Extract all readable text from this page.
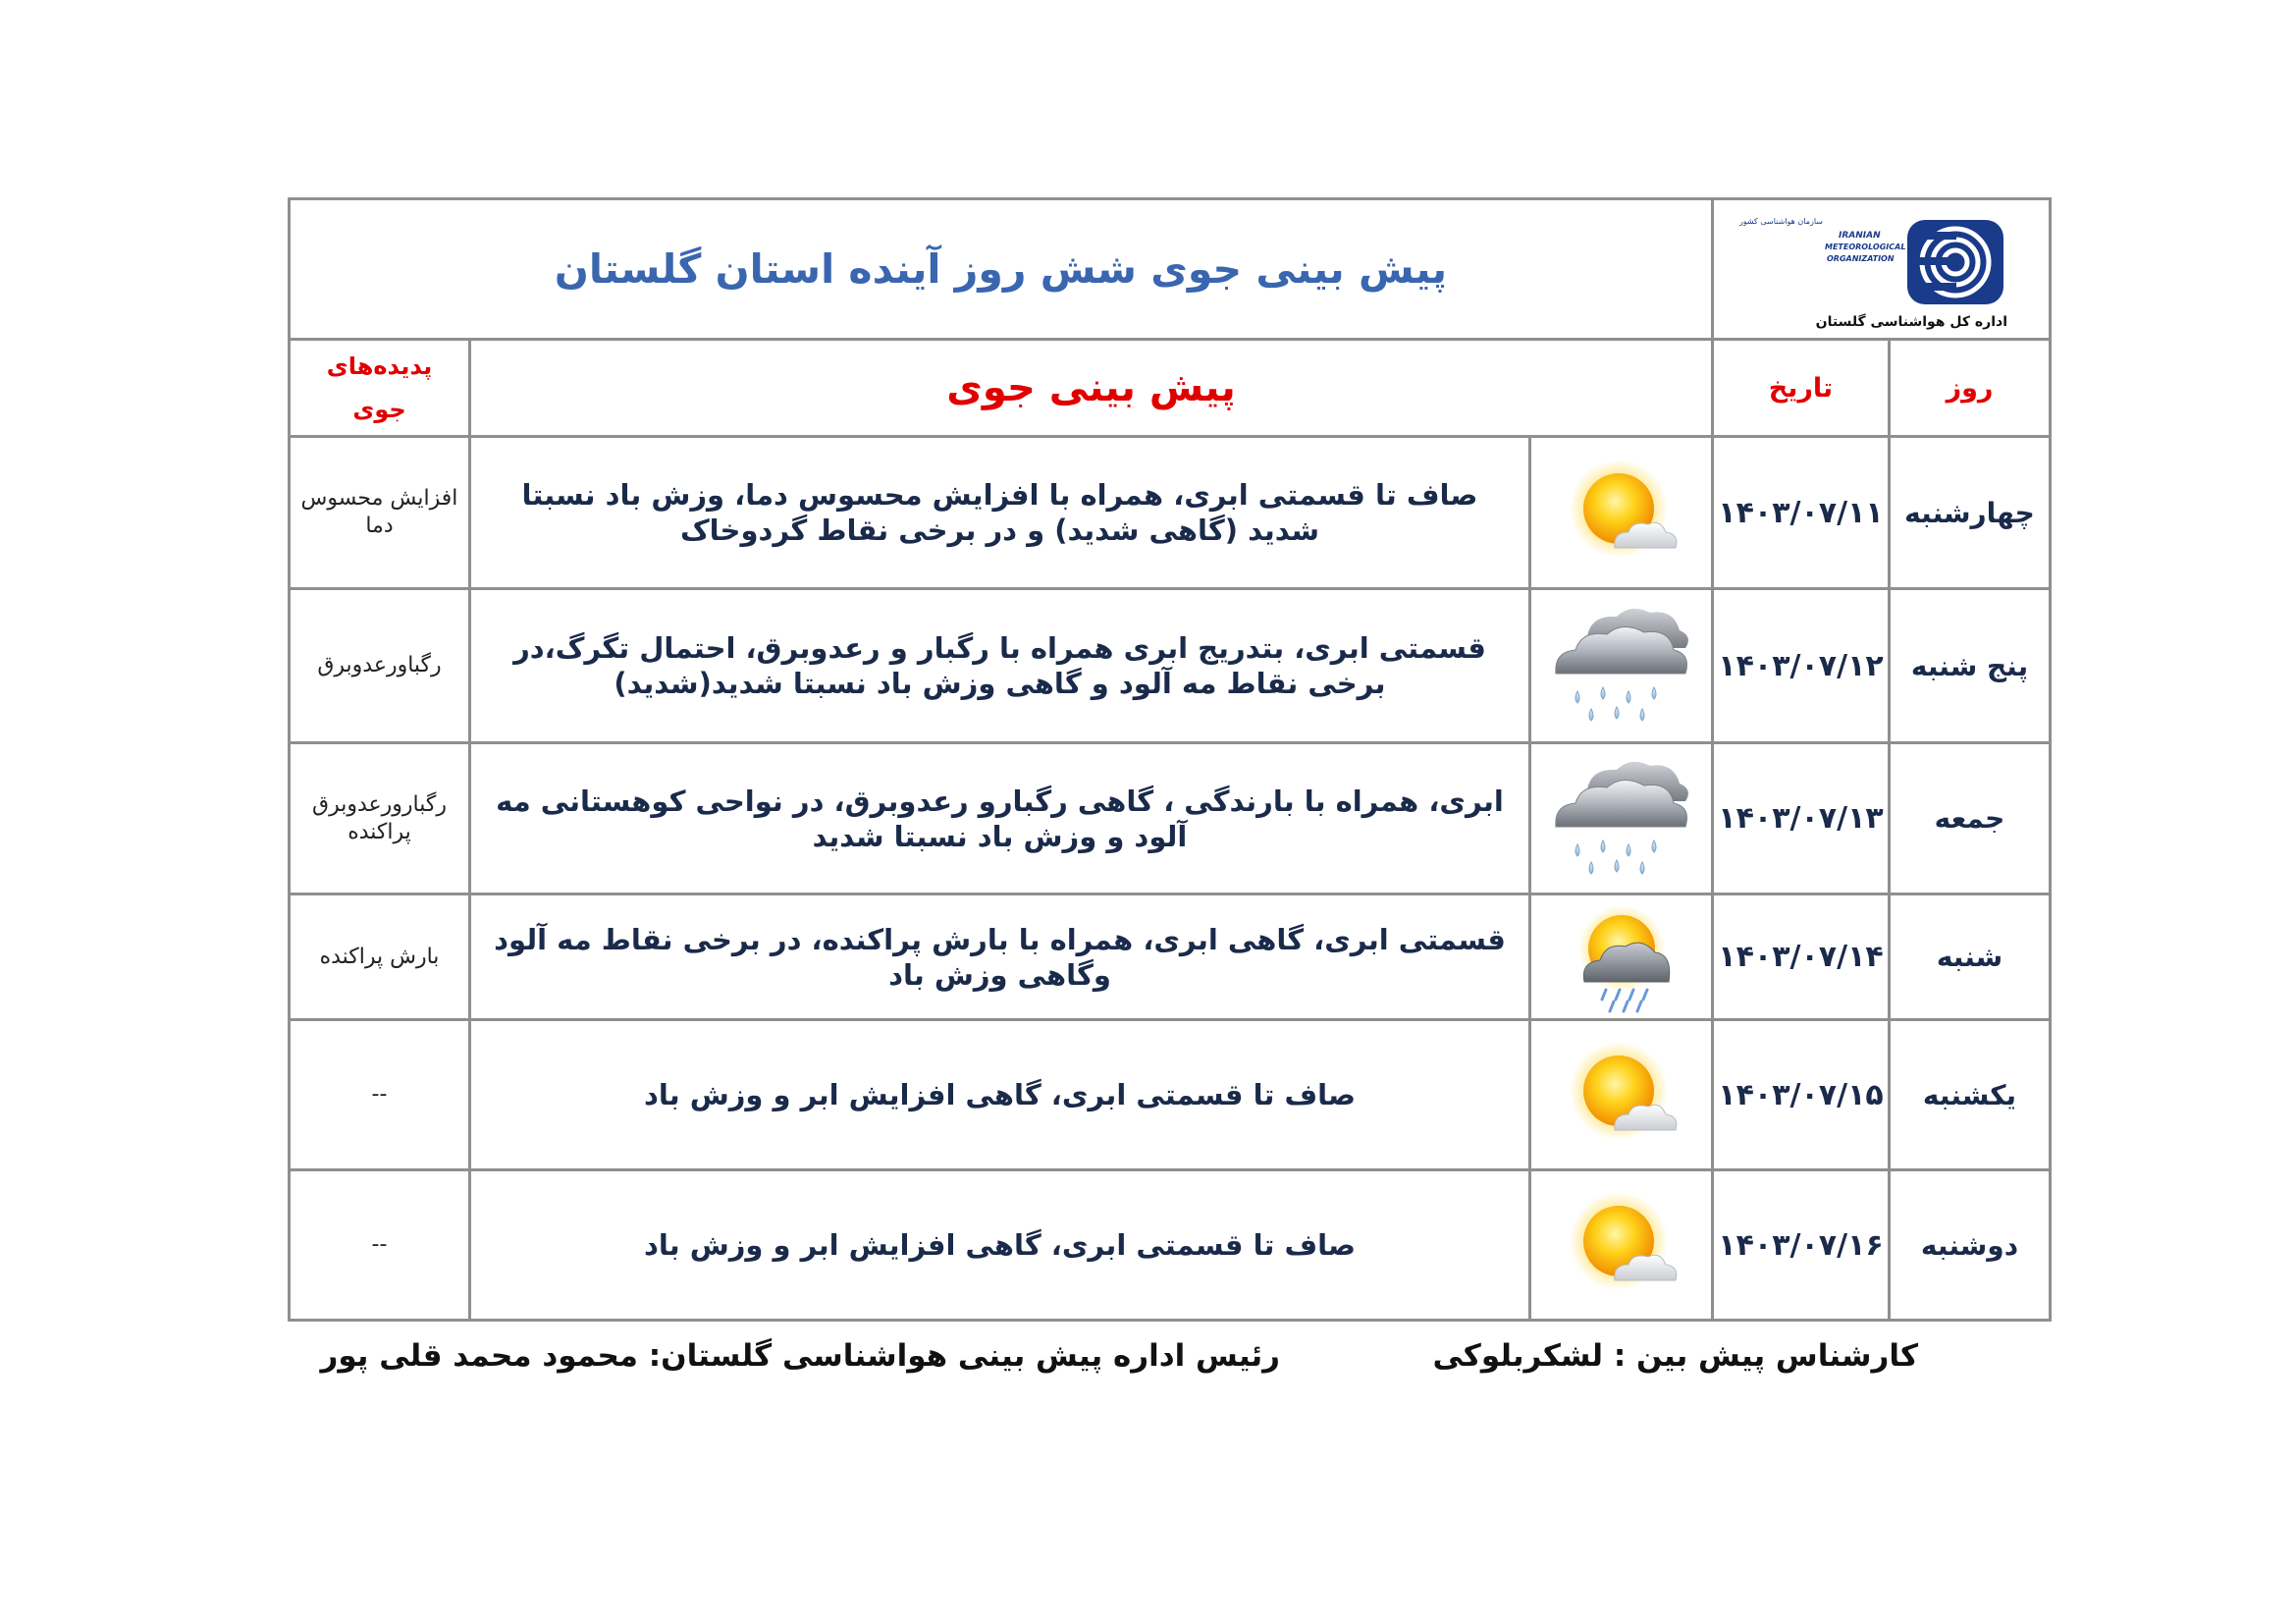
پیش بینی جوی شش روز آینده استان گلستان			سازمان هواشناسی کشور
IRANIAN
METEOROLOGICAL
ORGANIZATION
اداره کل هواشناسی گلستان	

پدیده‌های
جوی	پیش بینی جوی		تاریخ	روز
افزایش محسوس دما	صاف تا قسمتی ابری، همراه با افزایش محسوس دما، وزش باد نسبتا شدید (گاهی شدید) و در برخی نقاط گردوخاک		۱۴۰۳/۰۷/۱۱	چهارشنبه
رگباورعدوبرق	قسمتی ابری، بتدریج ابری همراه با رگبار و رعدوبرق، احتمال تگرگ،در برخی نقاط مه آلود و گاهی وزش باد نسبتا شدید(شدید)		۱۴۰۳/۰۷/۱۲	پنج شنبه
رگبارورعدوبرق پراکنده	ابری، همراه با بارندگی ، گاهی رگبارو رعدوبرق، در نواحی کوهستانی مه آلود و وزش باد نسبتا شدید		۱۴۰۳/۰۷/۱۳	جمعه
بارش پراکنده	قسمتی ابری، گاهی ابری، همراه با بارش پراکنده، در برخی نقاط مه آلود وگاهی وزش باد		۱۴۰۳/۰۷/۱۴	شنبه
--	صاف تا قسمتی ابری، گاهی افزایش ابر و وزش باد		۱۴۰۳/۰۷/۱۵	یکشنبه
--	صاف تا قسمتی ابری، گاهی افزایش ابر و وزش باد		۱۴۰۳/۰۷/۱۶	دوشنبه
کارشناس پیش بین : لشکربلوکی
رئیس اداره پیش بینی هواشناسی گلستان: محمود محمد قلی پور
